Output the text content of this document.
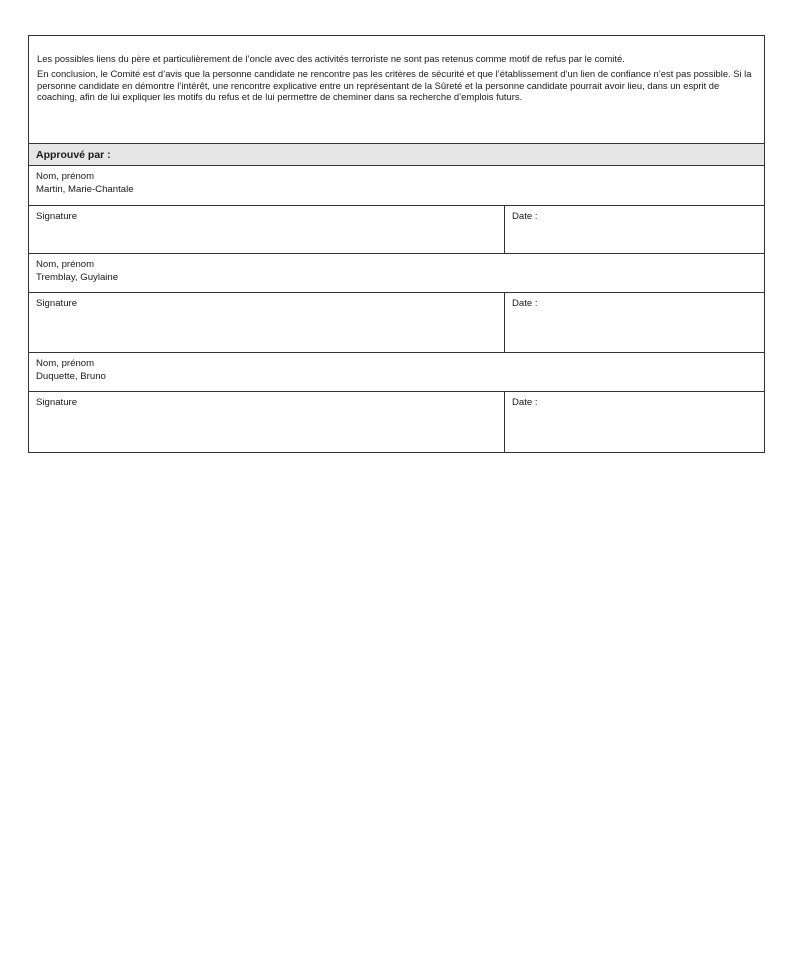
Les possibles liens du père et particulièrement de l’oncle avec des activités terroriste ne sont pas retenus comme motif de refus par le comité.

En conclusion, le Comité est d’avis que la personne candidate ne rencontre pas les critères de sécurité et que l’établissement d’un lien de confiance n’est pas possible. Si la personne candidate en démontre l’intérêt, une rencontre explicative entre un représentant de la Sûreté et la personne candidate pourrait avoir lieu, dans un esprit de coaching, afin de lui expliquer les motifs du refus et de lui permettre de cheminer dans sa recherche d’emplois futurs.

Approuvé par :
Nom, prénom
Martin, Marie-Chantale
Signature	Date :
Nom, prénom
Tremblay, Guylaine
Signature	Date :
Nom, prénom
Duquette, Bruno
Signature	Date :
